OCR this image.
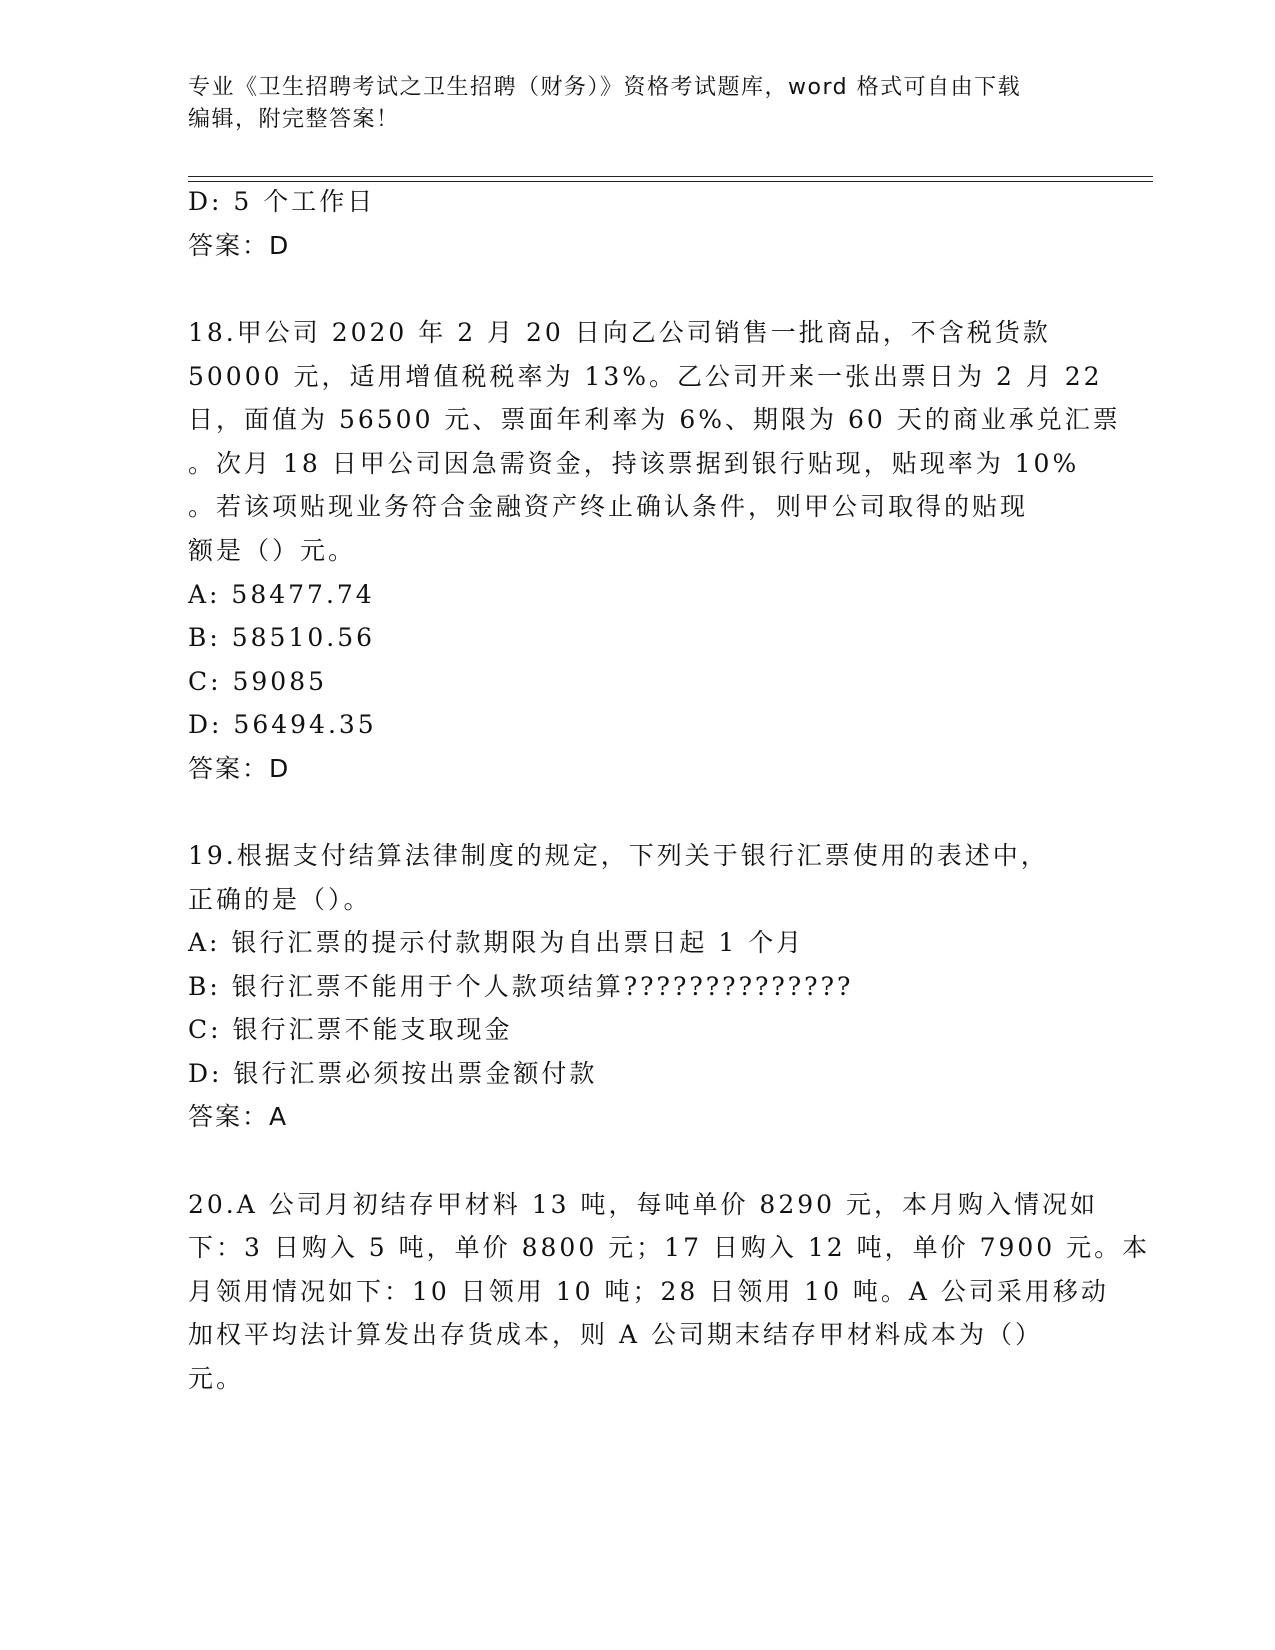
专业《卫生招聘考试之卫生招聘（财务）》资格考试题库，word 格式可自由下载
编辑，附完整答案！
D: 5 个工作日
答案：D
18.甲公司 2020 年 2 月 20 日向乙公司销售一批商品，不含税货款
50000 元，适用增值税税率为 13%。乙公司开来一张出票日为 2 月 22
日，面值为 56500 元、票面年利率为 6%、期限为 60 天的商业承兑汇票
。次月 18 日甲公司因急需资金，持该票据到银行贴现，贴现率为 10%
。若该项贴现业务符合金融资产终止确认条件，则甲公司取得的贴现
额是（）元。
A: 58477.74
B: 58510.56
C: 59085
D: 56494.35
答案：D
19.根据支付结算法律制度的规定，下列关于银行汇票使用的表述中，
正确的是（）。
A: 银行汇票的提示付款期限为自出票日起 1 个月
B: 银行汇票不能用于个人款项结算??????????????
C: 银行汇票不能支取现金
D: 银行汇票必须按出票金额付款
答案：A
20.A 公司月初结存甲材料 13 吨，每吨单价 8290 元，本月购入情况如
下：3 日购入 5 吨，单价 8800 元；17 日购入 12 吨，单价 7900 元。本
月领用情况如下：10 日领用 10 吨；28 日领用 10 吨。A 公司采用移动
加权平均法计算发出存货成本，则 A 公司期末结存甲材料成本为（）
元。
